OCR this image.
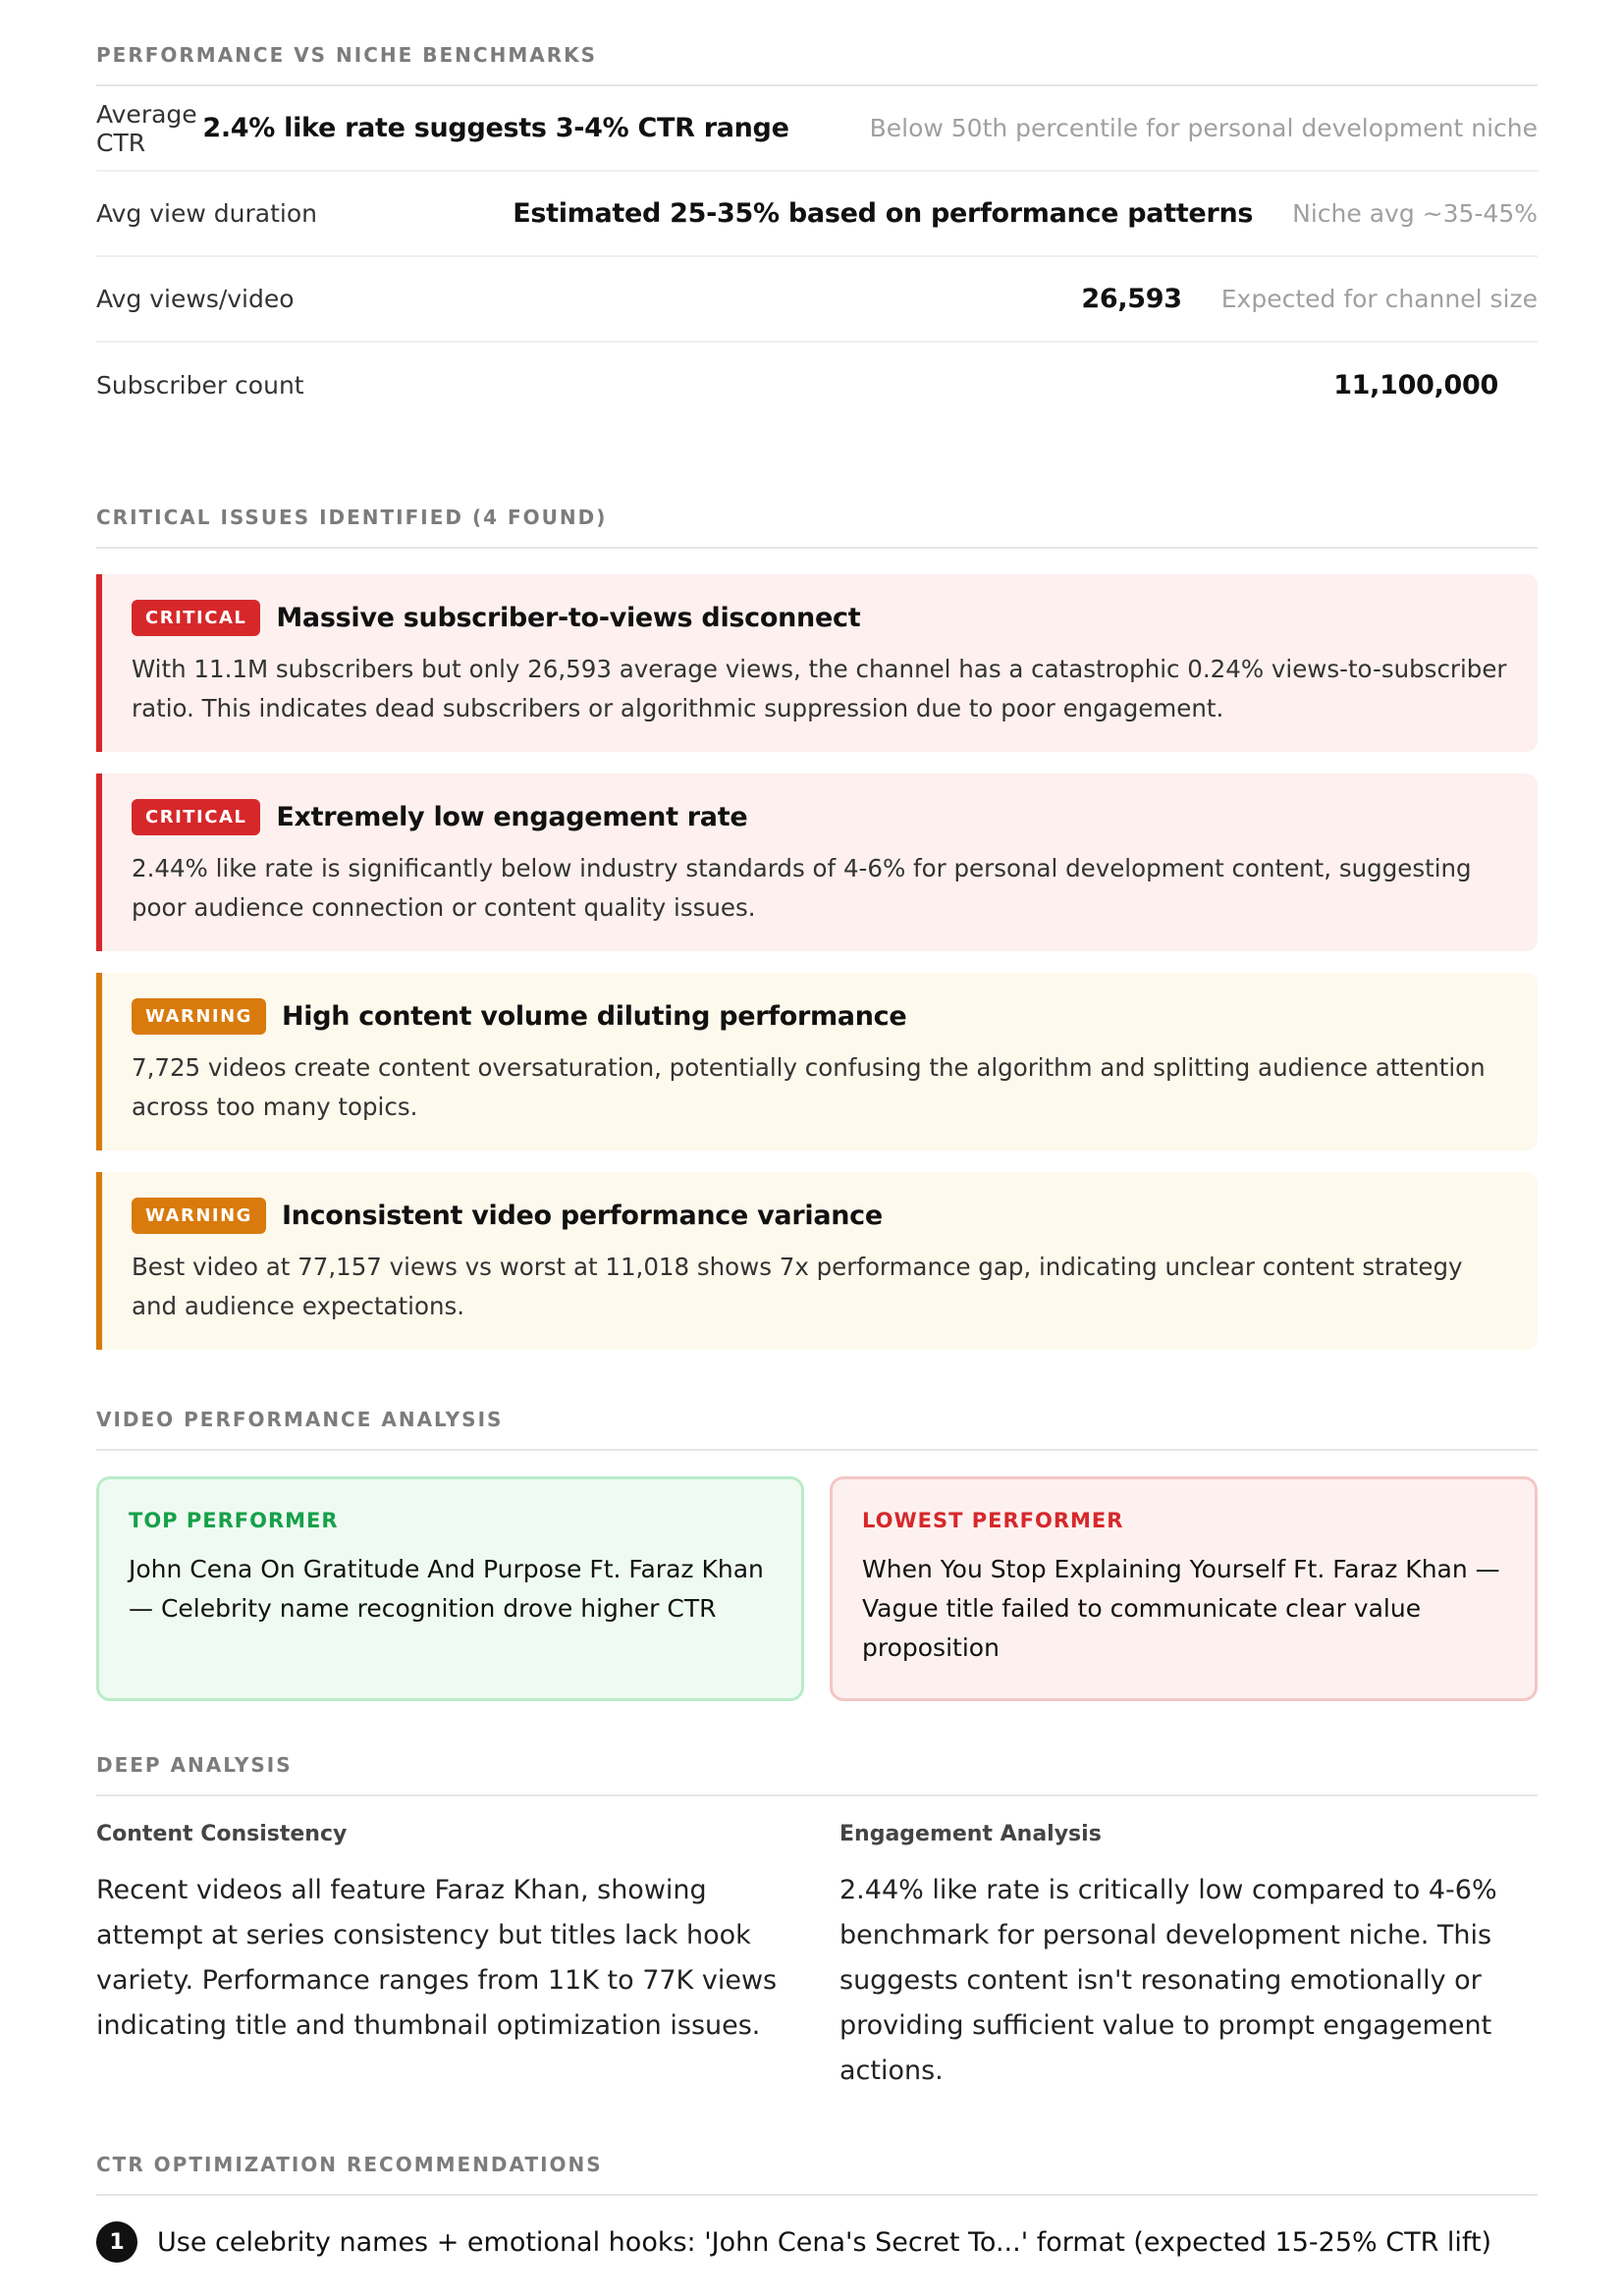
PERFORMANCE VS NICHE BENCHMARKS
Average CTR	2.4% like rate suggests 3-4% CTR range	Below 50th percentile for personal development niche
Avg view duration	Estimated 25-35% based on performance patterns	Niche avg ~35-45%
Avg views/video	26,593	Expected for channel size
Subscriber count	11,100,000
CRITICAL ISSUES IDENTIFIED (4 FOUND)
CRITICAL	Massive subscriber-to-views disconnect
With 11.1M subscribers but only 26,593 average views, the channel has a catastrophic 0.24% views-to-subscriber ratio. This indicates dead subscribers or algorithmic suppression due to poor engagement.
CRITICAL	Extremely low engagement rate
2.44% like rate is significantly below industry standards of 4-6% for personal development content, suggesting poor audience connection or content quality issues.
WARNING	High content volume diluting performance
7,725 videos create content oversaturation, potentially confusing the algorithm and splitting audience attention across too many topics.
WARNING	Inconsistent video performance variance
Best video at 77,157 views vs worst at 11,018 shows 7x performance gap, indicating unclear content strategy and audience expectations.
VIDEO PERFORMANCE ANALYSIS
TOP PERFORMER
John Cena On Gratitude And Purpose Ft. Faraz Khan — Celebrity name recognition drove higher CTR
LOWEST PERFORMER
When You Stop Explaining Yourself Ft. Faraz Khan — Vague title failed to communicate clear value proposition
DEEP ANALYSIS
Content Consistency
Recent videos all feature Faraz Khan, showing attempt at series consistency but titles lack hook variety. Performance ranges from 11K to 77K views indicating title and thumbnail optimization issues.
Engagement Analysis
2.44% like rate is critically low compared to 4-6% benchmark for personal development niche. This suggests content isn't resonating emotionally or providing sufficient value to prompt engagement actions.
CTR OPTIMIZATION RECOMMENDATIONS
1	Use celebrity names + emotional hooks: 'John Cena's Secret To...' format (expected 15-25% CTR lift)
